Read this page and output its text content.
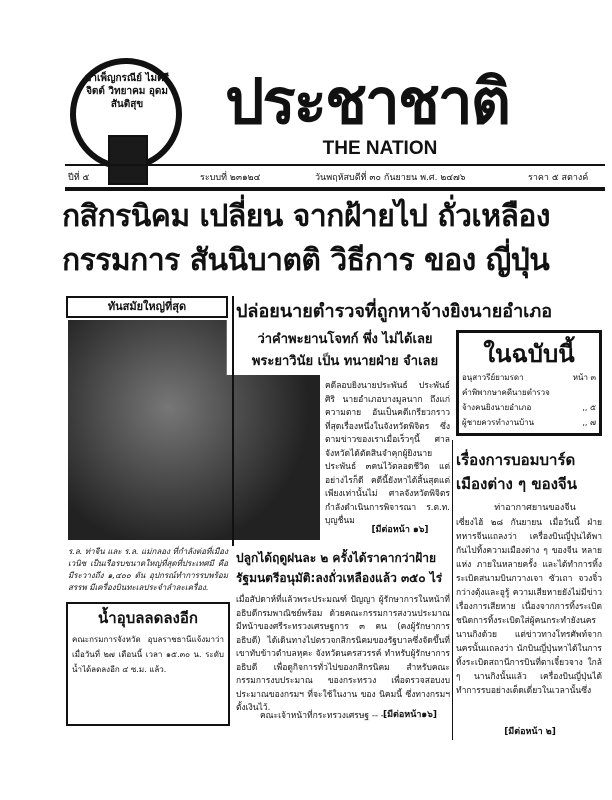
บำเพ็ญกรณีย์ ไมตรีจิตต์ วิทยาคม อุดมสันติสุข	ประชาชาติ
THE NATION
ปีที่ ๕	ระบบที่ ๒๓๑๒๔	วันพฤหัสบดีที่ ๓๐ กันยายน พ.ศ. ๒๔๗๖	ราคา ๕ สตางค์
กสิกรนิคม เปลี่ยน จากฝ้ายไป ถั่วเหลือง
กรรมการ สันนิบาตติ วิธีการ ของ ญี่ปุ่น
ทันสมัยใหญ่ที่สุด
ร.ล. ท่าจีน และ ร.ล. แม่กลอง ที่กำลังต่อที่เมืองเวนิซ เป็นเรือรบขนาดใหญ่ที่สุดที่ประเทศมี คือมีระวางถึง ๑,๔๐๐ ตัน อุปกรณ์ทำการรบพร้อมสรรพ มีเครื่องบินทะเลประจำลำละเครื่อง.
น้ำอุบลลดลงอีก
คณะกรมการจังหวัด อุบลราชธานีแจ้งมาว่า เมื่อวันที่ ๒๗ เดือนนี้ เวลา ๑๕.๓๐ น. ระดับน้ำได้ลดลงอีก ๔ ซ.ม. แล้ว.
ปล่อยนายตำรวจที่ถูกหาจ้างยิงนายอำเภอ
ว่าคำพะยานโจทก์ พึ่ง ไม่ได้เลย
พระยาวินัย เป็น ทนายฝ่าย จำเลย
คดีลอบยิงนายประพันธ์ ประพันธ์ศิริ นายอำเภอบางมูลนาก ถึงแก่ความตาย อันเป็นคดีเกรียวกราวที่สุดเรื่องหนึ่งในจังหวัดพิจิตร ซึ่งตามข่าวของเราเมื่อเร็วๆนี้ ศาลจังหวัดได้ตัดสินจำคุกผู้ยิงนายประพันธ์ ๓คนไว้ตลอดชีวิต แต่อย่างไรก็ดี คดีนี้ยังหาได้สิ้นสุดแต่เพียงเท่านั้นไม่ ศาลจังหวัดพิจิตรกำลังดำเนินการพิจารณา ร.ต.ท. บุญชื่นม
[มีต่อหน้า ๑๖]
ในฉบับนี้
อนุสาวรีย์ยามรดา	หน้า ๓
คำพิพากษาคดีนายตำรวจ
จ้างคนยิงนายอำเภอ	,, ๕
ผู้ชายควรทำงานบ้าน	,, ๗
เรื่องการบอมบาร์ด
เมืองต่าง ๆ ของจีน
ท่าอากาศยานของจีน
เซี่ยงไฮ้ ๒๘ กันยายน เมื่อวันนี้ ฝ่ายทหารจีนแถลงว่า เครื่องบินญี่ปุ่นได้พากันไปทิ้งความเมืองต่าง ๆ ของจีน หลายแห่ง ภายในหลายครั้ง และได้ทำการทิ้งระเบิดสนามบินกวางเจา ซัวเถา จวงจิ๋ว กว่างตุ้งและอูรู้ ความเสียหายยังไม่มีข่าวเรื่องการเสียหาย เนื่องจากการทิ้งระเบิด ชนิดการทิ้งระเบิดใส่ผู้คนกระทำยังนครนานกิงด้วย แต่ข่าวทางโทรศัพท์จากนครนั้นแถลงว่า นักบินญี่ปุ่นหาได้ในการทิ้งระเบิดสถานีการบินที่ตาเจี๋ยวจาง ใกล้ ๆ นานกิงนั้นแล้ว เครื่องบินญี่ปุ่นได้ทำการรบอย่างเด็ดเดี่ยวในเวลานั้นซึ่ง
[มีต่อหน้า ๒]
ปลูกได้ฤดูฝนละ ๒ ครั้งได้ราคากว่าฝ้าย
รัฐมนตรีอนุมัติ:ลงถั่วเหลืองแล้ว ๓๕๐ ไร่
เมื่อสัปดาห์ที่แล้วพระประมณฑ์ ปัญญา ผู้รักษาการในหน้าที่อธิบดีกรมพาณิชย์พร้อม ด้วยคณะกรรมการสงวนประมาณ มีหน้าของศรีระทรวงเศรษฐการ ๓ คน (คงผู้รักษาการอธิบดี) ได้เดินทางไปตรวจกสิกรนิคมของรัฐบาลซึ่งจัดขึ้นที่เขาทับข้าวตำบลหุคะ จังหวัดนครสวรรค์ ทำหรับผู้รักษาการอธิบดี เพื่อดูกิจการทั่วไปของกสิกรนิคม สำหรับคณะกรรมการงบประมาณ ของกระทรวง เพื่อตรวจสอบงบประมาณของกรมฯ ที่จะใช้ในงาน ของ นิคมนี้ ซึ่งทางกรมฯ ตั้งเงินไว้.
คณะเจ้าหน้าที่กระทรวงเศรษฐ -- --
[มีต่อหน้า๑๖]
